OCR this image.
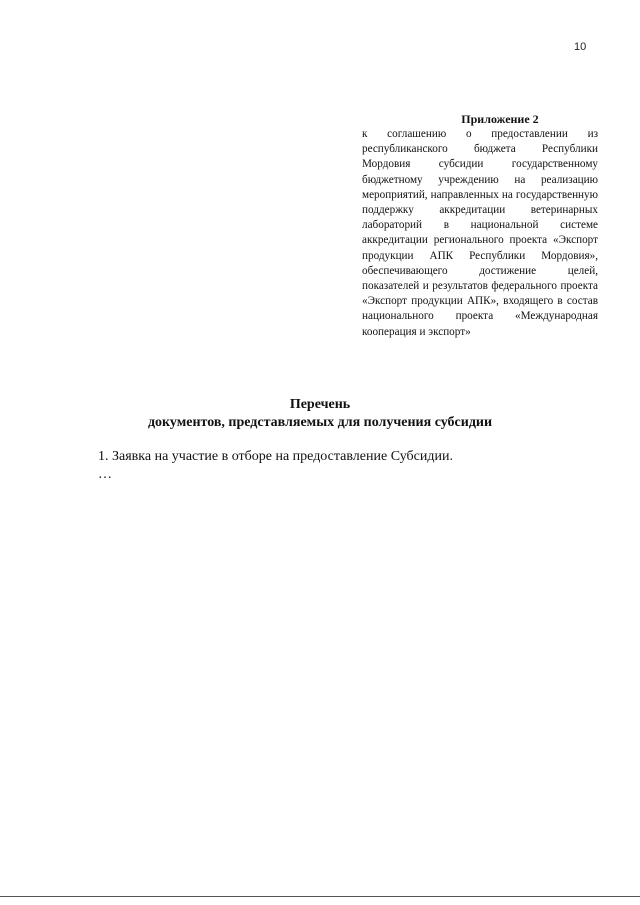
10
Приложение 2
к соглашению о предоставлении из республиканского бюджета Республики Мордовия субсидии государственному бюджетному учреждению на реализацию мероприятий, направленных на государственную поддержку аккредитации ветеринарных лабораторий в национальной системе аккредитации регионального проекта «Экспорт продукции АПК Республики Мордовия», обеспечивающего достижение целей, показателей и результатов федерального проекта «Экспорт продукции АПК», входящего в состав национального проекта «Международная кооперация и экспорт»
Перечень
документов, представляемых для получения субсидии
1. Заявка на участие в отборе на предоставление Субсидии.
…
